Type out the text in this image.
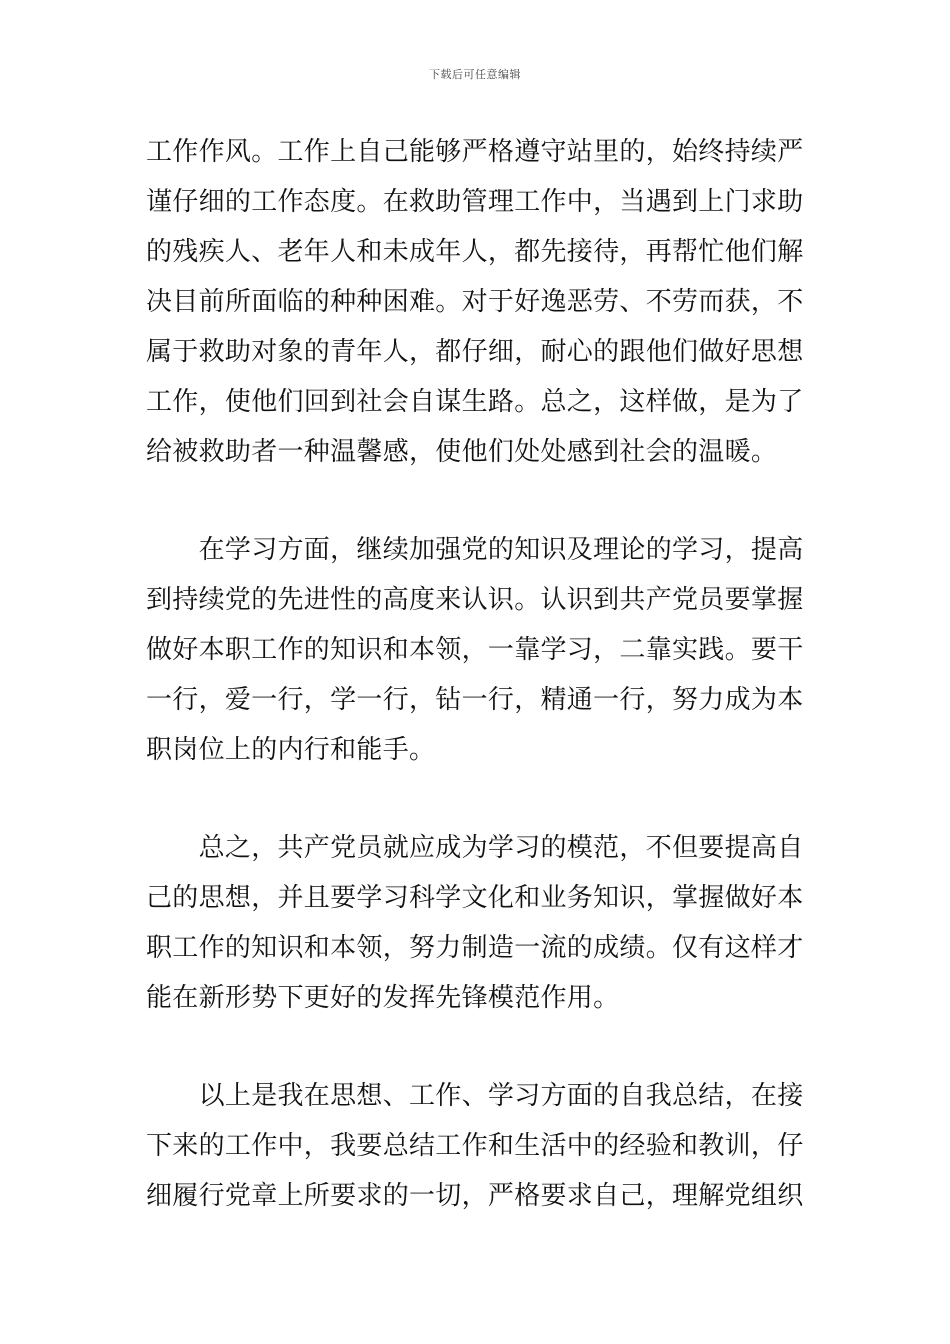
下载后可任意编辑
工作作风。工作上自己能够严格遵守站里的，始终持续严
谨仔细的工作态度。在救助管理工作中，当遇到上门求助
的残疾人、老年人和未成年人，都先接待，再帮忙他们解
决目前所面临的种种困难。对于好逸恶劳、不劳而获，不
属于救助对象的青年人，都仔细，耐心的跟他们做好思想
工作，使他们回到社会自谋生路。总之，这样做，是为了
给被救助者一种温馨感，使他们处处感到社会的温暖。
　　在学习方面，继续加强党的知识及理论的学习，提高
到持续党的先进性的高度来认识。认识到共产党员要掌握
做好本职工作的知识和本领，一靠学习，二靠实践。要干
一行，爱一行，学一行，钻一行，精通一行，努力成为本
职岗位上的内行和能手。
　　总之，共产党员就应成为学习的模范，不但要提高自
己的思想，并且要学习科学文化和业务知识，掌握做好本
职工作的知识和本领，努力制造一流的成绩。仅有这样才
能在新形势下更好的发挥先锋模范作用。
　　以上是我在思想、工作、学习方面的自我总结，在接
下来的工作中，我要总结工作和生活中的经验和教训，仔
细履行党章上所要求的一切，严格要求自己，理解党组织
